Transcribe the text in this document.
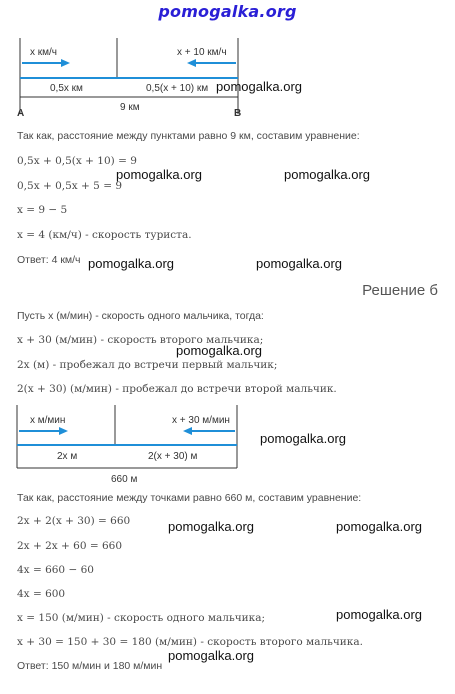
pomogalka.org
x км/ч	x + 10 км/ч
0,5x км	0,5(x + 10) км
A
9 км
B
pomogalka.org
Так как, расстояние между пунктами равно 9 км, составим уравнение:
0,5x + 0,5(x + 10) = 9
0,5x + 0,5x + 5 = 9
pomogalka.org	pomogalka.org
x = 9 − 5
x = 4 (км/ч) - скорость туриста.
Ответ: 4 км/ч pomogalka.org	pomogalka.org
Решение б
Пусть x (м/мин) - скорость одного мальчика, тогда:
x + 30 (м/мин) - скорость второго мальчика;
pomogalka.org
2x (м) - пробежал до встречи первый мальчик;
2(x + 30) (м/мин) - пробежал до встречи второй мальчик.
x м/мин	x + 30 м/мин
2x м	2(x + 30) м
660 м
pomogalka.org
Так как, расстояние между точками равно 660 м, составим уравнение:
2x + 2(x + 30) = 660	pomogalka.org	pomogalka.org
2x + 2x + 60 = 660
4x = 660 − 60
4x = 600
x = 150 (м/мин) - скорость одного мальчика;	pomogalka.org
x + 30 = 150 + 30 = 180 (м/мин) - скорость второго мальчика.
pomogalka.org
Ответ: 150 м/мин и 180 м/мин
